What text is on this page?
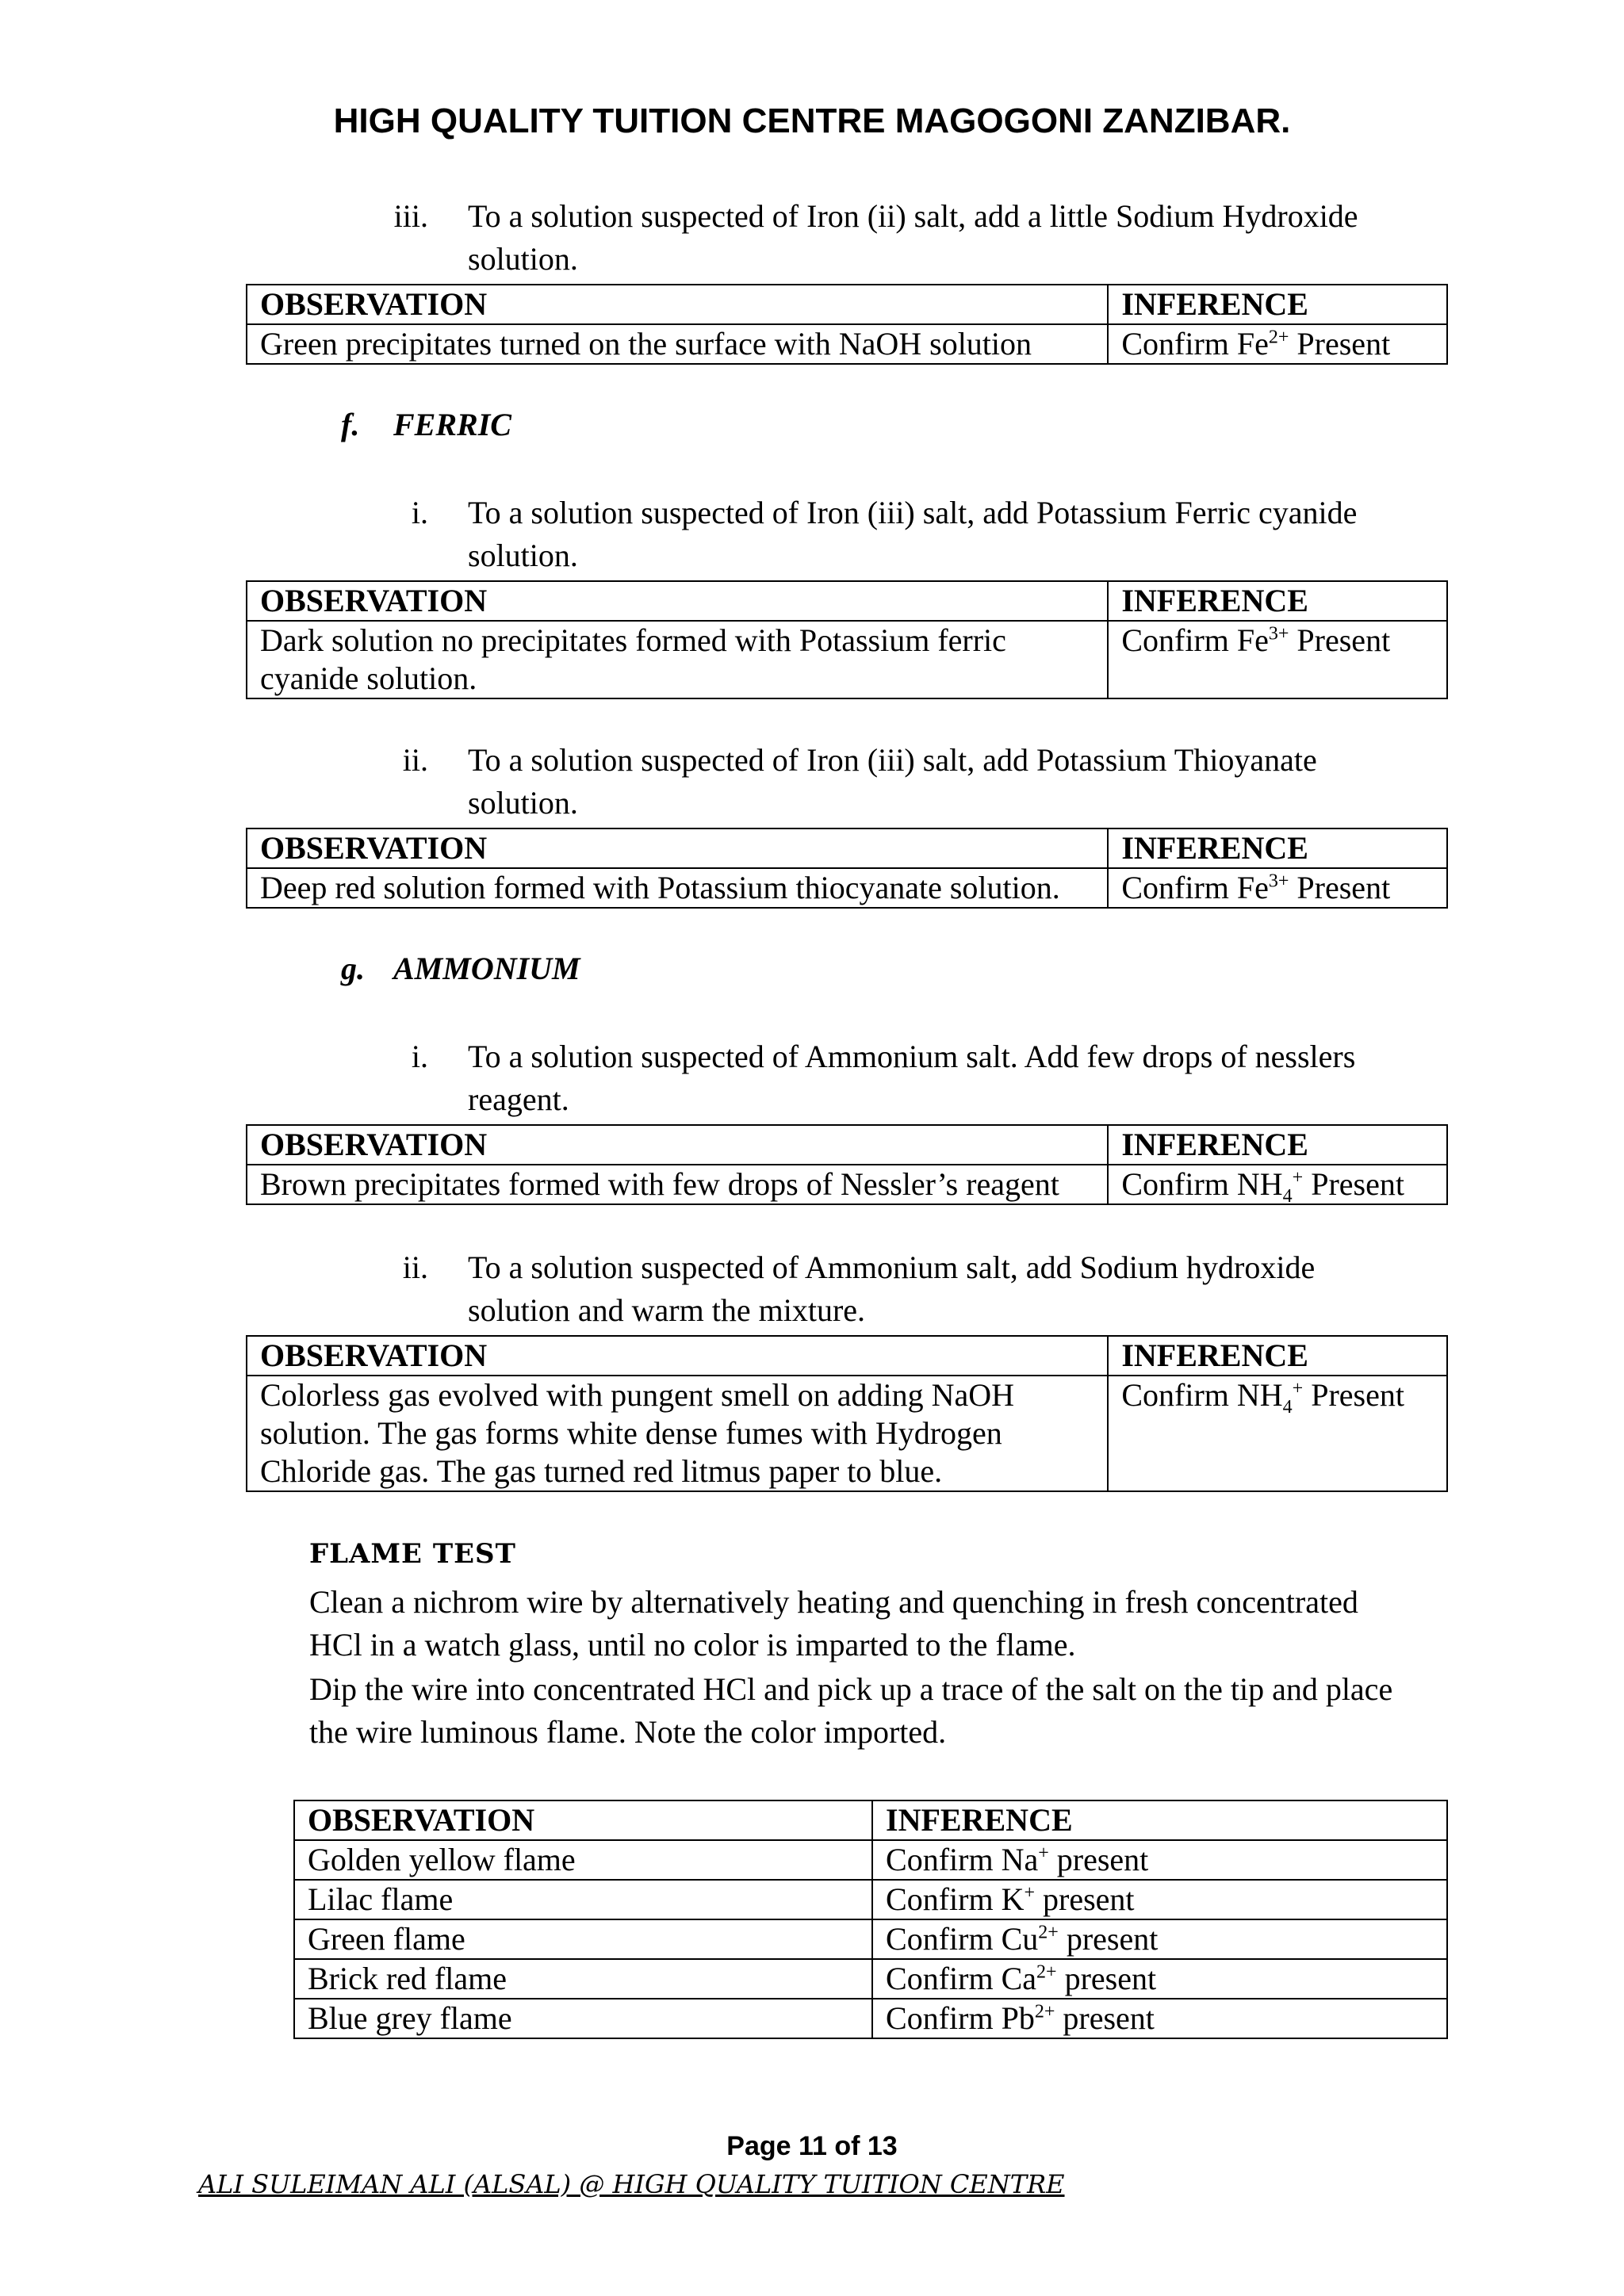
HIGH QUALITY TUITION CENTRE MAGOGONI ZANZIBAR.
iii. To a solution suspected of Iron (ii) salt, add a little Sodium Hydroxide
solution.
OBSERVATION	INFERENCE
Green precipitates turned on the surface with NaOH solution	Confirm $Fe^{2+}$ Present
f. FERRIC
i. To a solution suspected of Iron (iii) salt, add Potassium Ferric cyanide
solution.
OBSERVATION	INFERENCE
Dark solution no precipitates formed with Potassium ferric
cyanide solution.	Confirm $Fe^{3+}$ Present
ii. To a solution suspected of Iron (iii) salt, add Potassium Thioyanate
solution.
OBSERVATION	INFERENCE
Deep red solution formed with Potassium thiocyanate solution.	Confirm $Fe^{3+}$ Present
g. AMMONIUM
i. To a solution suspected of Ammonium salt. Add few drops of nesslers
reagent.
OBSERVATION	INFERENCE
Brown precipitates formed with few drops of Nessler’s reagent	Confirm $NH_4^+$ Present
ii. To a solution suspected of Ammonium salt, add Sodium hydroxide
solution and warm the mixture.
OBSERVATION	INFERENCE
Colorless gas evolved with pungent smell on adding NaOH
solution. The gas forms white dense fumes with Hydrogen
Chloride gas. The gas turned red litmus paper to blue.	Confirm $NH_4^+$ Present
FLAME TEST
Clean a nichrom wire by alternatively heating and quenching in fresh concentrated
HCl in a watch glass, until no color is imparted to the flame.
Dip the wire into concentrated HCl and pick up a trace of the salt on the tip and place
the wire luminous flame. Note the color imported.
OBSERVATION	INFERENCE
Golden yellow flame	Confirm Na+ present
Lilac flame	Confirm K+ present
Green flame	Confirm $Cu^{2+}$ present
Brick red flame	Confirm $Ca^{2+}$ present
Blue grey flame	Confirm $Pb^{2+}$ present
Page 11 of 13
ALI SULEIMAN ALI (ALSAL) @ HIGH QUALITY TUITION CENTRE
